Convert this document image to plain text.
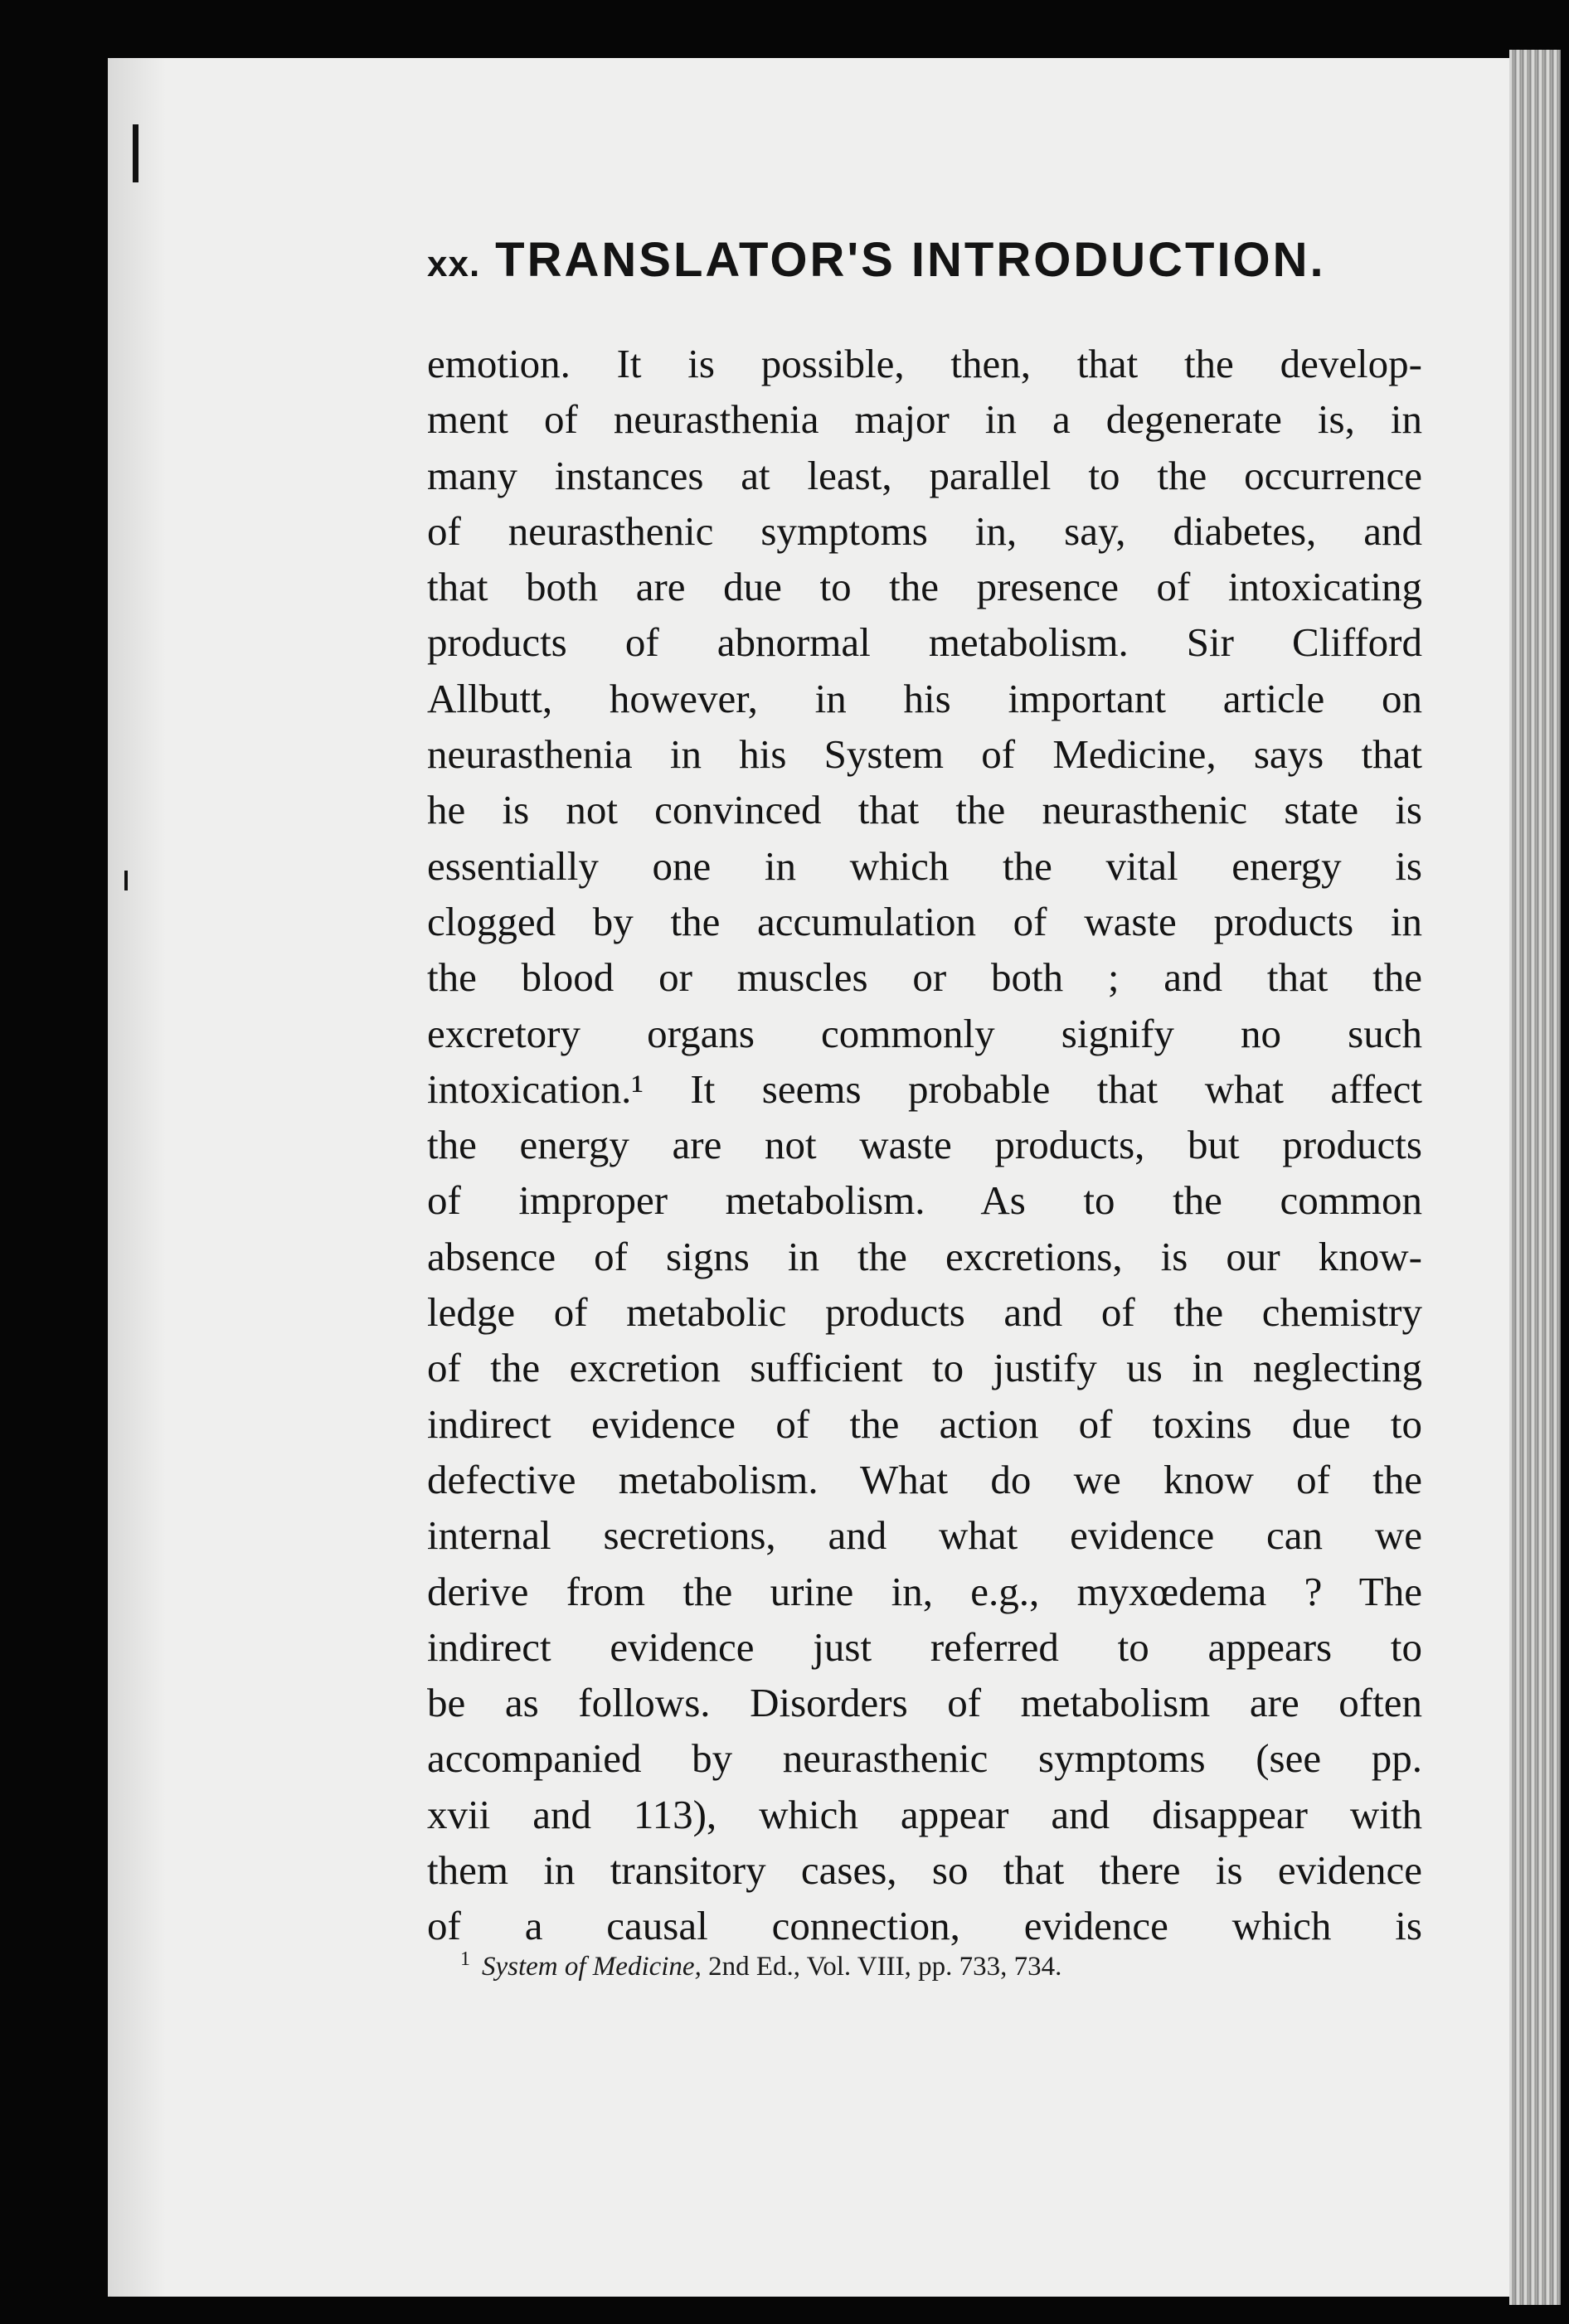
xx. TRANSLATOR'S INTRODUCTION.
emotion. It is possible, then, that the develop-
ment of neurasthenia major in a degenerate is, in
many instances at least, parallel to the occurrence
of neurasthenic symptoms in, say, diabetes, and
that both are due to the presence of intoxicating
products of abnormal metabolism. Sir Clifford
Allbutt, however, in his important article on
neurasthenia in his System of Medicine, says that
he is not convinced that the neurasthenic state is
essentially one in which the vital energy is
clogged by the accumulation of waste products in
the blood or muscles or both ; and that the
excretory organs commonly signify no such
intoxication.¹ It seems probable that what affect
the energy are not waste products, but products
of improper metabolism. As to the common
absence of signs in the excretions, is our know-
ledge of metabolic products and of the chemistry
of the excretion sufficient to justify us in neglecting
indirect evidence of the action of toxins due to
defective metabolism. What do we know of the
internal secretions, and what evidence can we
derive from the urine in, e.g., myxœdema ? The
indirect evidence just referred to appears to
be as follows. Disorders of metabolism are often
accompanied by neurasthenic symptoms (see pp.
xvii and 113), which appear and disappear with
them in transitory cases, so that there is evidence
of a causal connection, evidence which is
$^1$ System of Medicine, 2nd Ed., Vol. VIII, pp. 733, 734.
